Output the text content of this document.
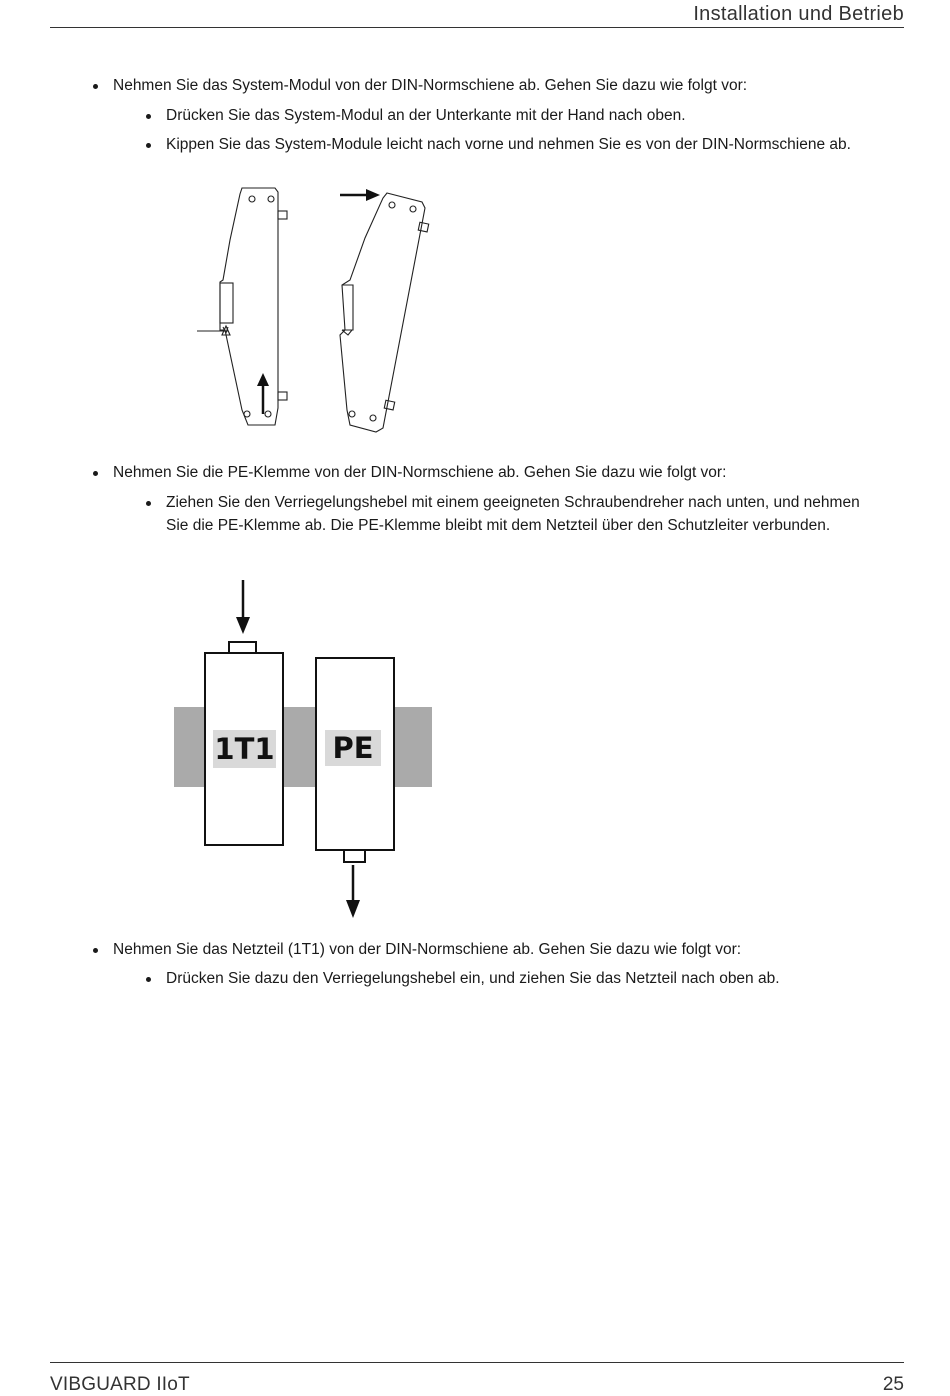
Installation und Betrieb
Nehmen Sie das System-Modul von der DIN-Normschiene ab. Gehen Sie dazu wie folgt vor:
Drücken Sie das System-Modul an der Unterkante mit der Hand nach oben.
Kippen Sie das System-Module leicht nach vorne und nehmen Sie es von der DIN-Normschiene ab.
Nehmen Sie die PE-Klemme von der DIN-Normschiene ab. Gehen Sie dazu wie folgt vor:
Ziehen Sie den Verriegelungshebel mit einem geeigneten Schraubendreher nach unten, und nehmen Sie die PE-Klemme ab. Die PE-Klemme bleibt mit dem Netzteil über den Schutzleiter verbunden.
1T1 PE
Nehmen Sie das Netzteil (1T1) von der DIN-Normschiene ab. Gehen Sie dazu wie folgt vor:
Drücken Sie dazu den Verriegelungshebel ein, und ziehen Sie das Netzteil nach oben ab.
VIBGUARD IIoT	25
